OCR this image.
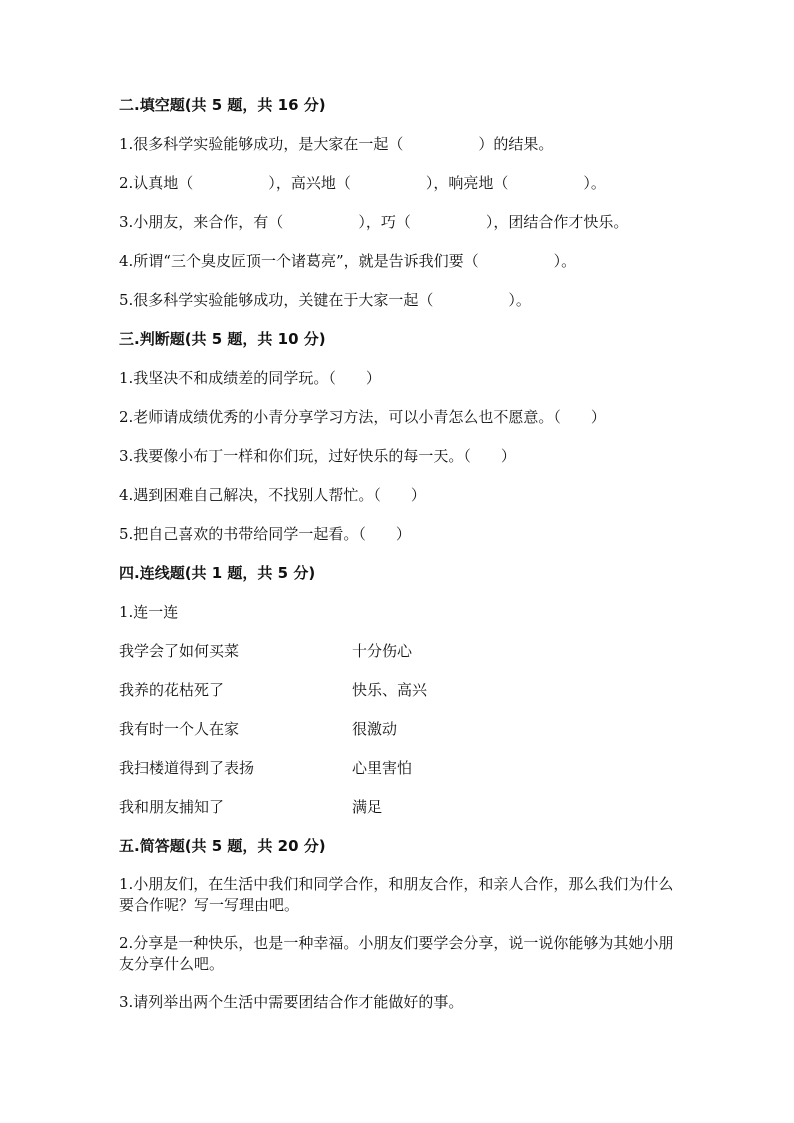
二.填空题(共 5 题，共 16 分)
1.很多科学实验能够成功，是大家在一起（　　　　　）的结果。
2.认真地（　　　　　），高兴地（　　　　　），响亮地（　　　　　）。
3.小朋友，来合作，有（　　　　　），巧（　　　　　），团结合作才快乐。
4.所谓“三个臭皮匠顶一个诸葛亮”，就是告诉我们要（　　　　　）。
5.很多科学实验能够成功，关键在于大家一起（　　　　　）。
三.判断题(共 5 题，共 10 分)
1.我坚决不和成绩差的同学玩。（　　）
2.老师请成绩优秀的小青分享学习方法，可以小青怎么也不愿意。（　　）
3.我要像小布丁一样和你们玩，过好快乐的每一天。（　　）
4.遇到困难自己解决，不找别人帮忙。（　　）
5.把自己喜欢的书带给同学一起看。（　　）
四.连线题(共 1 题，共 5 分)
1.连一连
我学会了如何买菜	十分伤心
我养的花枯死了	快乐、高兴
我有时一个人在家	很激动
我扫楼道得到了表扬	心里害怕
我和朋友捕知了	满足
五.简答题(共 5 题，共 20 分)
1.小朋友们，在生活中我们和同学合作，和朋友合作，和亲人合作，那么我们为什么要合作呢？写一写理由吧。
2.分享是一种快乐，也是一种幸福。小朋友们要学会分享，说一说你能够为其她小朋友分享什么吧。
3.请列举出两个生活中需要团结合作才能做好的事。
